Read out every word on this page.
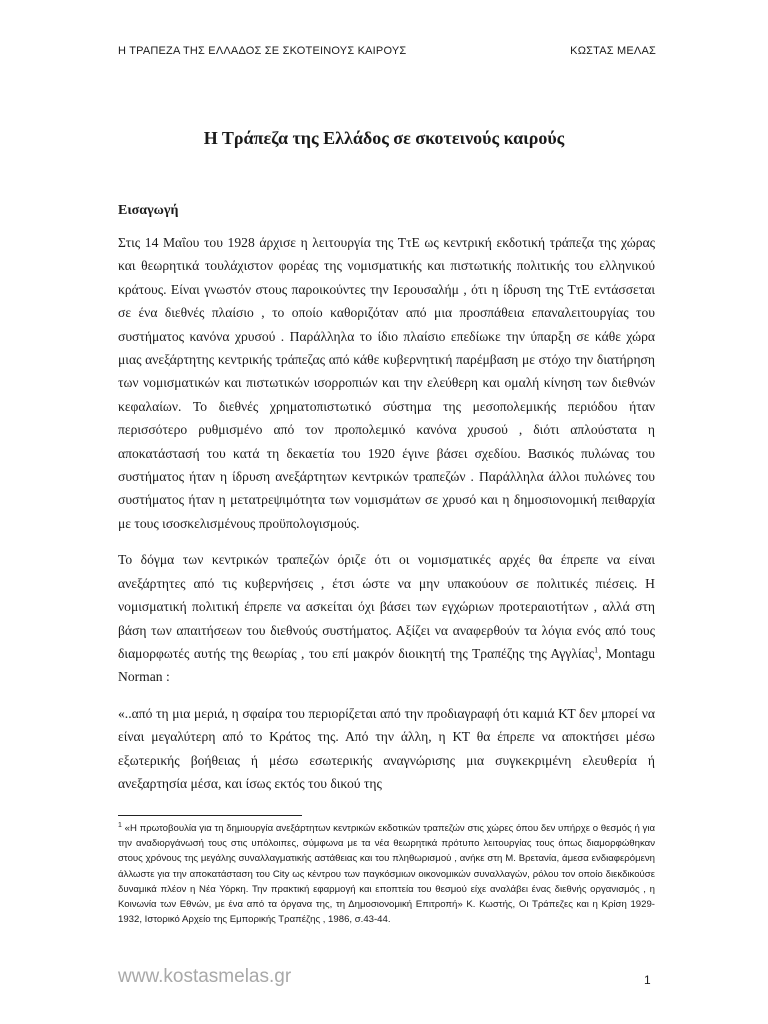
Η ΤΡΑΠΕΖΑ ΤΗΣ ΕΛΛΑΔΟΣ ΣΕ ΣΚΟΤΕΙΝΟΥΣ ΚΑΙΡΟΥΣ	ΚΩΣΤΑΣ ΜΕΛΑΣ
Η Τράπεζα της Ελλάδος σε σκοτεινούς καιρούς
Εισαγωγή

Στις 14 Μαΐου του 1928 άρχισε η λειτουργία της ΤτΕ ως κεντρική εκδοτική τράπεζα της χώρας και θεωρητικά τουλάχιστον φορέας της νομισματικής και πιστωτικής πολιτικής του ελληνικού κράτους. Είναι γνωστόν στους παροικούντες την Ιερουσαλήμ , ότι η ίδρυση της ΤτΕ εντάσσεται σε ένα διεθνές πλαίσιο , το οποίο καθοριζόταν από μια προσπάθεια επαναλειτουργίας του συστήματος κανόνα χρυσού . Παράλληλα το ίδιο πλαίσιο επεδίωκε την ύπαρξη σε κάθε χώρα μιας ανεξάρτητης κεντρικής τράπεζας από κάθε κυβερνητική παρέμβαση με στόχο την διατήρηση των νομισματικών και πιστωτικών ισορροπιών και την ελεύθερη και ομαλή κίνηση των διεθνών κεφαλαίων. Το διεθνές χρηματοπιστωτικό σύστημα της μεσοπολεμικής περιόδου ήταν περισσότερο ρυθμισμένο από τον προπολεμικό κανόνα χρυσού , διότι απλούστατα η αποκατάστασή του κατά τη δεκαετία του 1920 έγινε βάσει σχεδίου. Βασικός πυλώνας του συστήματος ήταν η ίδρυση ανεξάρτητων κεντρικών τραπεζών . Παράλληλα άλλοι πυλώνες του συστήματος ήταν η μετατρεψιμότητα των νομισμάτων σε χρυσό και η δημοσιονομική πειθαρχία με τους ισοσκελισμένους προϋπολογισμούς.

Το δόγμα των κεντρικών τραπεζών όριζε ότι οι νομισματικές αρχές θα έπρεπε να είναι ανεξάρτητες από τις κυβερνήσεις , έτσι ώστε να μην υπακούουν σε πολιτικές πιέσεις. Η νομισματική πολιτική έπρεπε να ασκείται όχι βάσει των εγχώριων προτεραιοτήτων , αλλά στη βάση των απαιτήσεων του διεθνούς συστήματος. Αξίζει να αναφερθούν τα λόγια ενός από τους διαμορφωτές αυτής της θεωρίας , του επί μακρόν διοικητή της Τραπέζης της Αγγλίας$^1$, Montagu Norman :

«..από τη μια μεριά, η σφαίρα του περιορίζεται από την προδιαγραφή ότι καμιά ΚΤ δεν μπορεί να είναι μεγαλύτερη από το Κράτος της. Από την άλλη, η ΚΤ θα έπρεπε να αποκτήσει μέσω εξωτερικής βοήθειας ή μέσω εσωτερικής αναγνώρισης μια συγκεκριμένη ελευθερία ή ανεξαρτησία μέσα, και ίσως εκτός του δικού της

$^1$ «Η πρωτοβουλία για τη δημιουργία ανεξάρτητων κεντρικών εκδοτικών τραπεζών στις χώρες όπου δεν υπήρχε ο θεσμός ή για την αναδιοργάνωσή τους στις υπόλοιπες, σύμφωνα με τα νέα θεωρητικά πρότυπο λειτουργίας τους όπως διαμορφώθηκαν στους χρόνους της μεγάλης συναλλαγματικής αστάθειας και του πληθωρισμού , ανήκε στη Μ. Βρετανία, άμεσα ενδιαφερόμενη άλλωστε για την αποκατάσταση του City ως κέντρου των παγκόσμιων οικονομικών συναλλαγών, ρόλου τον οποίο διεκδικούσε δυναμικά πλέον η Νέα Υόρκη. Την πρακτική εφαρμογή και εποπτεία του θεσμού είχε αναλάβει ένας διεθνής οργανισμός , η Κοινωνία των Εθνών, με ένα από τα όργανα της, τη Δημοσιονομική Επιτροπή» Κ. Κωστής, Οι Τράπεζες και η Κρίση 1929-1932, Ιστορικό Αρχείο της Εμπορικής Τραπέζης , 1986, σ.43-44.
www.kostasmelas.gr	1
